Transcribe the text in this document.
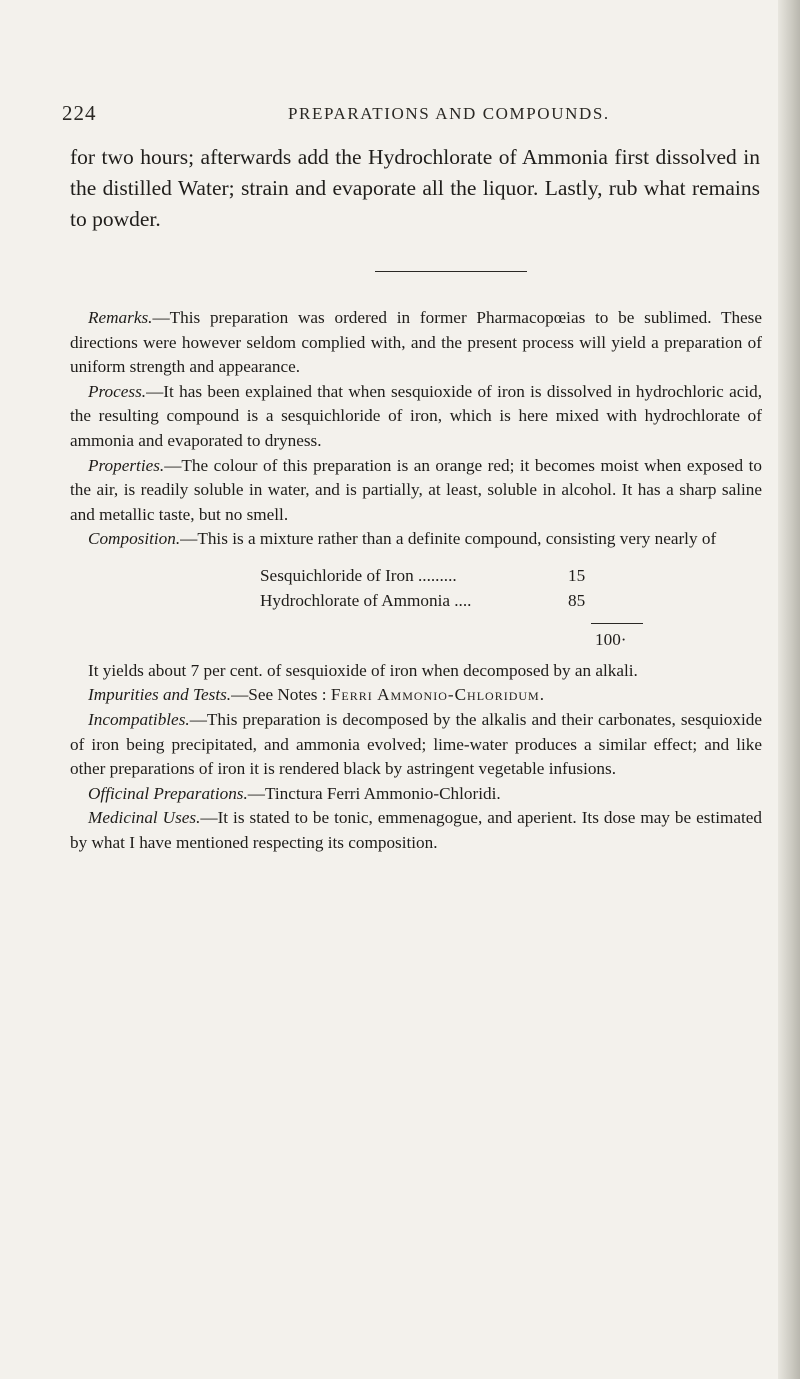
224	PREPARATIONS AND COMPOUNDS.
for two hours; afterwards add the Hydrochlorate of Ammonia first dissolved in the distilled Water; strain and evaporate all the liquor. Lastly, rub what remains to powder.

Remarks.—This preparation was ordered in former Pharmacopœias to be sublimed. These directions were however seldom complied with, and the present process will yield a preparation of uniform strength and appearance.

Process.—It has been explained that when sesquioxide of iron is dissolved in hydrochloric acid, the resulting compound is a sesquichloride of iron, which is here mixed with hydrochlorate of ammonia and evaporated to dryness.

Properties.—The colour of this preparation is an orange red; it becomes moist when exposed to the air, is readily soluble in water, and is partially, at least, soluble in alcohol. It has a sharp saline and metallic taste, but no smell.

Composition.—This is a mixture rather than a definite compound, consisting very nearly of

Sesquichloride of Iron .........	15
Hydrochlorate of Ammonia ....	85
100·

It yields about 7 per cent. of sesquioxide of iron when decomposed by an alkali.

Impurities and Tests.—See Notes : Ferri Ammonio-Chloridum.

Incompatibles.—This preparation is decomposed by the alkalis and their carbonates, sesquioxide of iron being precipitated, and ammonia evolved; lime-water produces a similar effect; and like other preparations of iron it is rendered black by astringent vegetable infusions.

Officinal Preparations.—Tinctura Ferri Ammonio-Chloridi.

Medicinal Uses.—It is stated to be tonic, emmenagogue, and aperient. Its dose may be estimated by what I have mentioned respecting its composition.
